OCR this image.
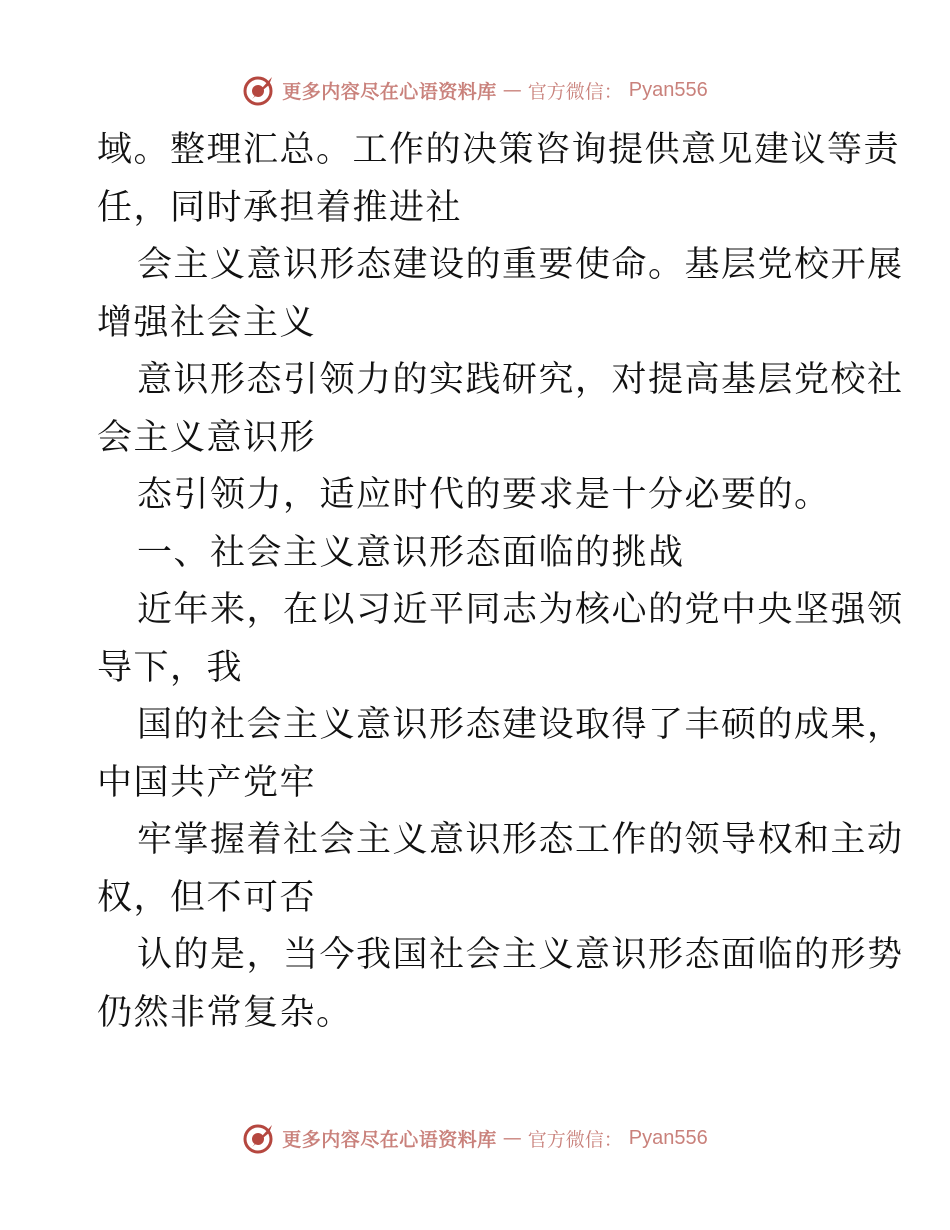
更多内容尽在心语资料库 — 官方微信： Pyan556
域。整理汇总。工作的决策咨询提供意见建议等责
任，同时承担着推进社
会主义意识形态建设的重要使命。基层党校开展
增强社会主义
意识形态引领力的实践研究，对提高基层党校社
会主义意识形
态引领力，适应时代的要求是十分必要的。
一、社会主义意识形态面临的挑战
近年来，在以习近平同志为核心的党中央坚强领
导下，我
国的社会主义意识形态建设取得了丰硕的成果，
中国共产党牢
牢掌握着社会主义意识形态工作的领导权和主动
权，但不可否
认的是，当今我国社会主义意识形态面临的形势
仍然非常复杂。
更多内容尽在心语资料库 — 官方微信： Pyan556
